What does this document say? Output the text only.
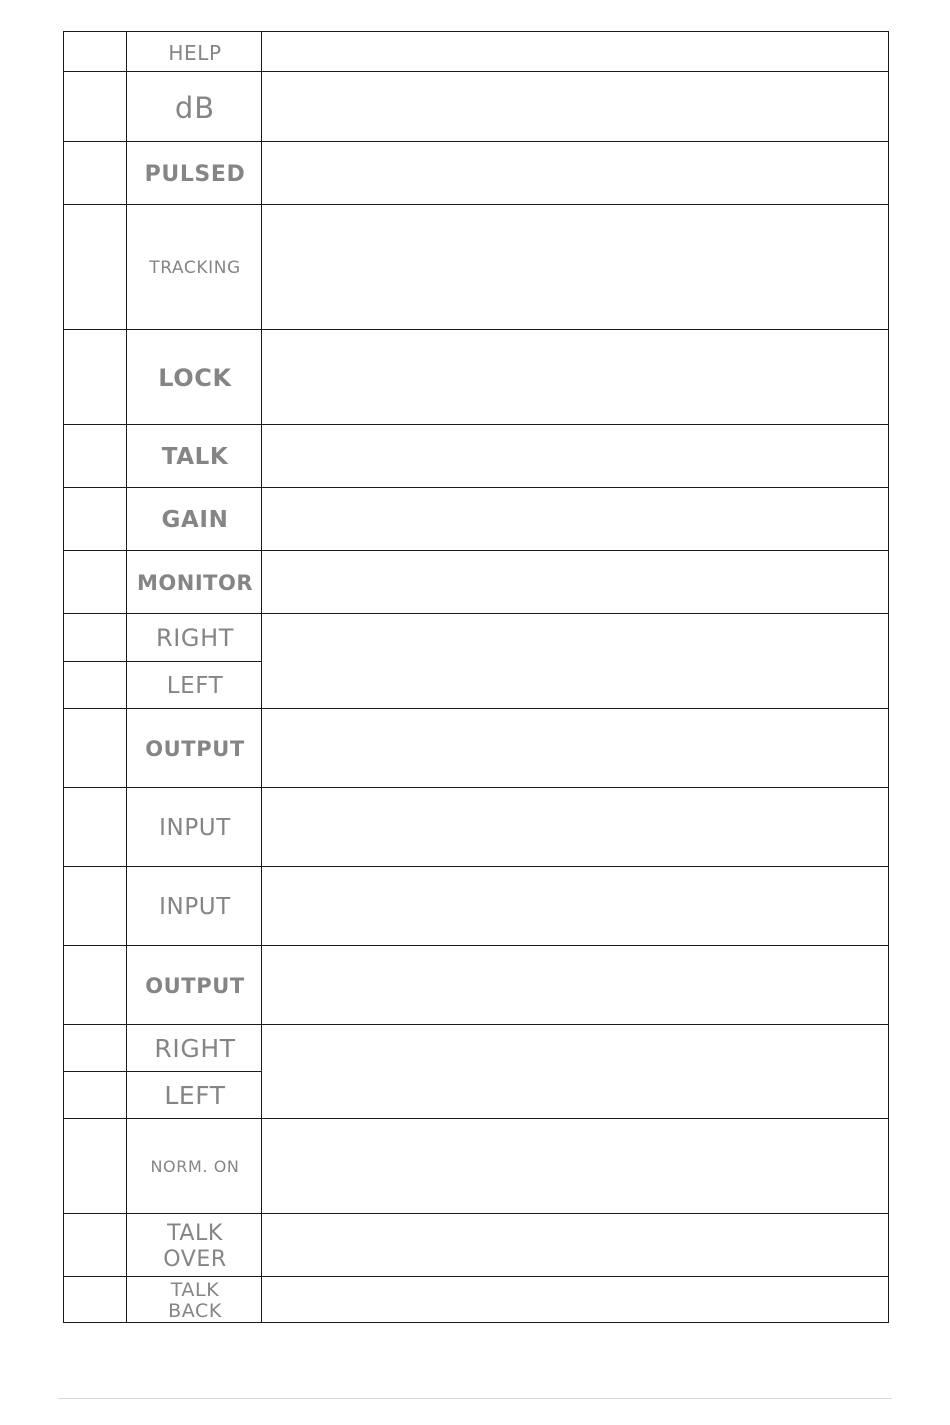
HELP
dB
PULSED
TRACKING
LOCK
TALK
GAIN
MONITOR
RIGHT
LEFT
OUTPUT
INPUT
INPUT
OUTPUT
RIGHT
LEFT
NORM. ON
TALK OVER
TALK BACK
